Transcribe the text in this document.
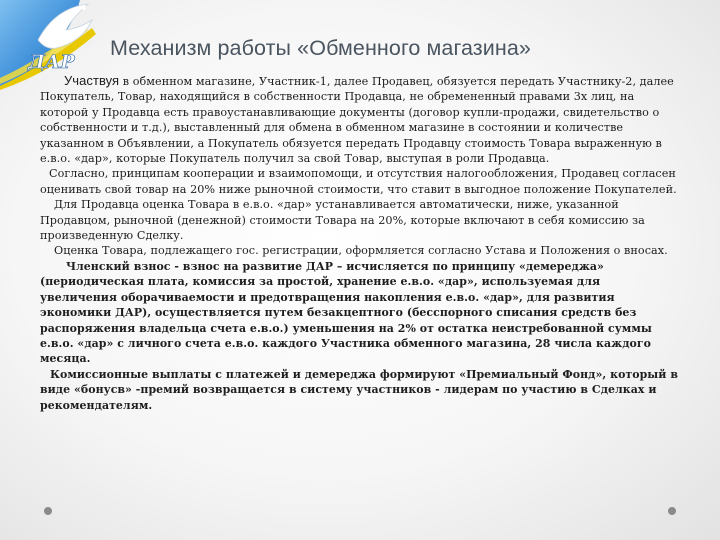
ДАР
Механизм работы «Обменного магазина»

Участвуя в обменном магазине, Участник-1, далее Продавец, обязуется передать Участнику-2, далее Покупатель, Товар, находящийся в собственности Продавца, не обремененный правами 3х лиц, на которой у Продавца есть правоустанавливающие документы (договор купли-продажи, свидетельство о собственности и т.д.), выставленный для обмена в обменном магазине в состоянии и количестве указанном в Объявлении, а Покупатель обязуется передать Продавцу стоимость Товара выраженную в е.в.о. «дар», которые Покупатель получил за свой Товар, выступая в роли Продавца.

Согласно, принципам кооперации и взаимопомощи, и отсутствия налогообложения, Продавец согласен оценивать свой товар на 20% ниже рыночной стоимости, что ставит в выгодное положение Покупателей.

Для Продавца оценка Товара в е.в.о. «дар» устанавливается автоматически, ниже, указанной Продавцом, рыночной (денежной) стоимости Товара на 20%, которые включают в себя комиссию за произведенную Сделку.

Оценка Товара, подлежащего гос. регистрации, оформляется согласно Устава и Положения о вносах.

Членский взнос - взнос на развитие ДАР – исчисляется по принципу «демереджа» (периодическая плата, комиссия за простой, хранение е.в.о. «дар», используемая для увеличения оборачиваемости и предотвращения накопления е.в.о. «дар», для развития экономики ДАР), осуществляется путем безакцептного (бесспорного списания средств без распоряжения владельца счета е.в.о.) уменьшения на 2% от остатка неистребованной суммы е.в.о. «дар» с личного счета е.в.о. каждого Участника обменного магазина, 28 числа каждого месяца.

Комиссионные выплаты с платежей и демереджа формируют «Премиальный Фонд», который в виде «бонусв» -премий возвращается в систему участников - лидерам по участию в Сделках и рекомендателям.
